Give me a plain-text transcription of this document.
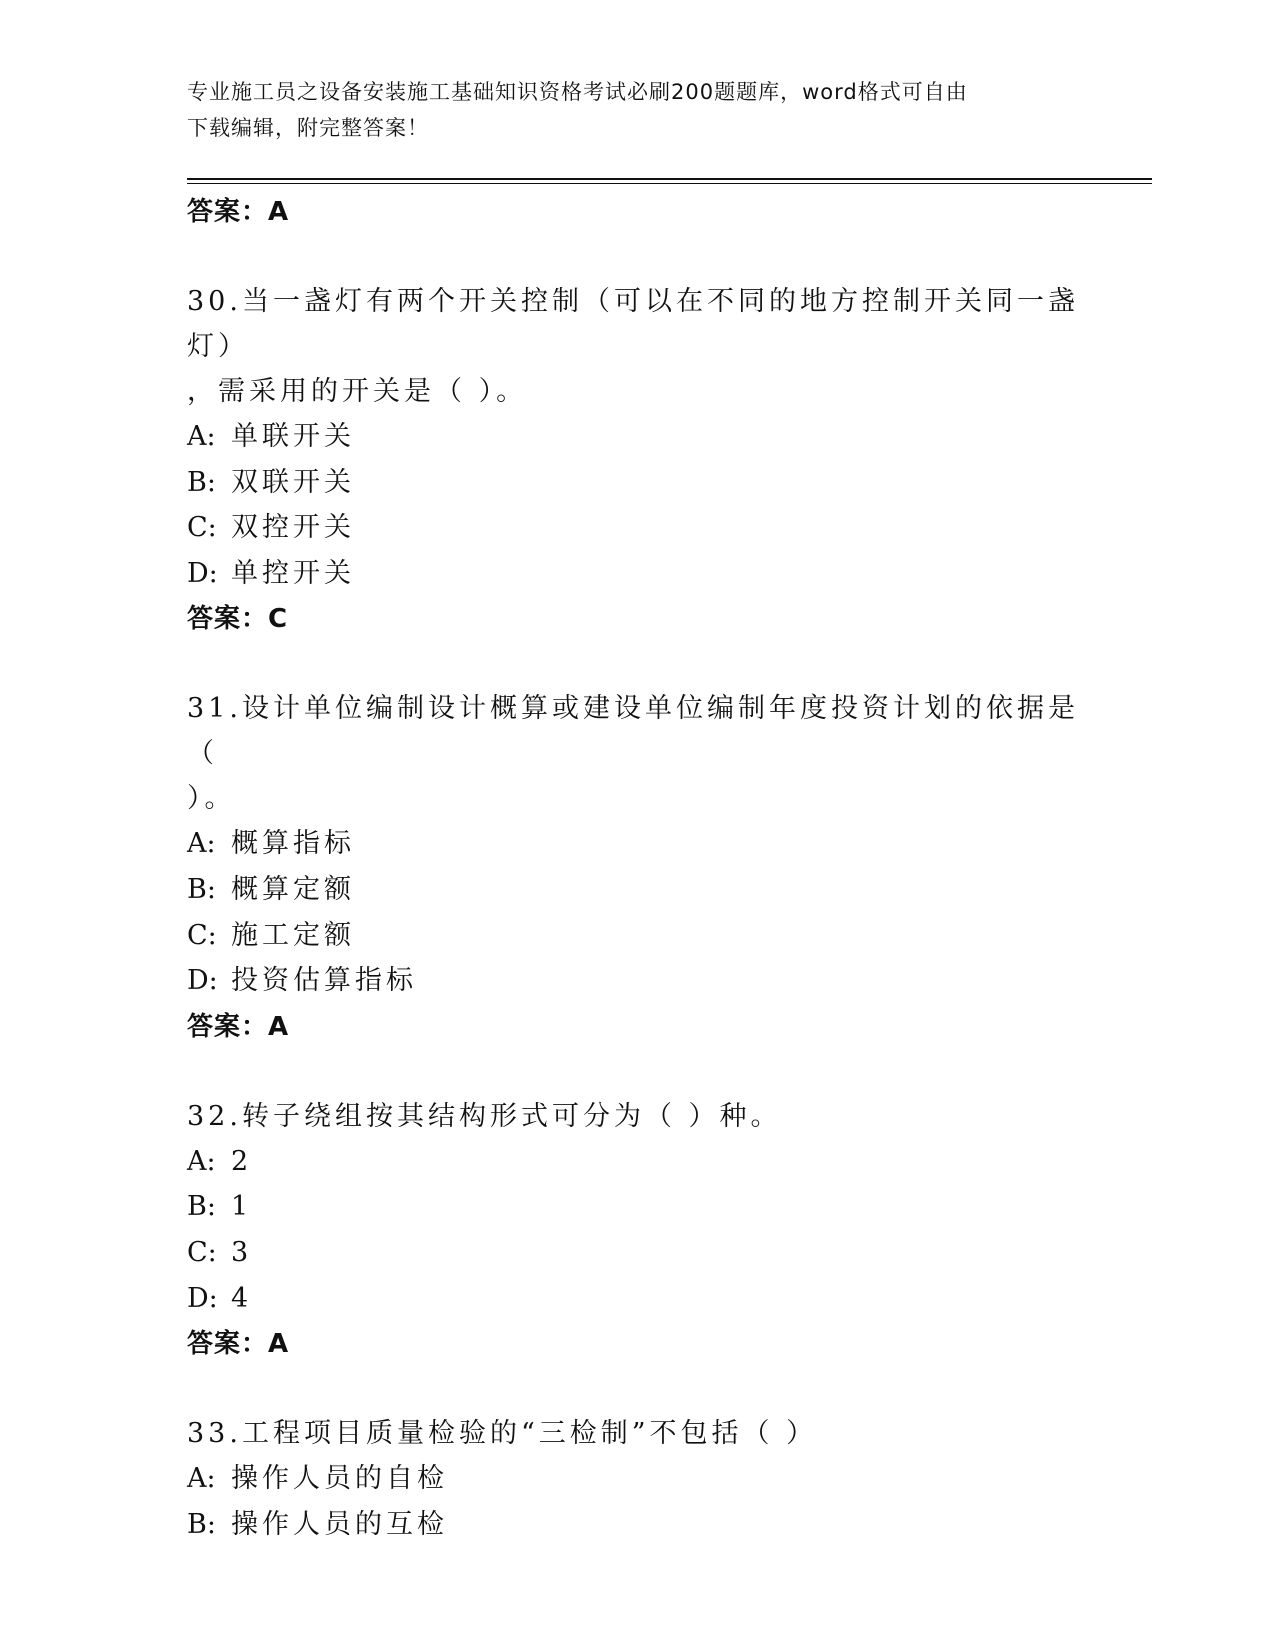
专业施工员之设备安装施工基础知识资格考试必刷200题题库，word格式可自由
下载编辑，附完整答案！
答案：A
30.当一盏灯有两个开关控制（可以在不同的地方控制开关同一盏灯）
，需采用的开关是（ ）。
A: 单联开关
B: 双联开关
C: 双控开关
D: 单控开关
答案：C
31.设计单位编制设计概算或建设单位编制年度投资计划的依据是（
）。
A: 概算指标
B: 概算定额
C: 施工定额
D: 投资估算指标
答案：A
32.转子绕组按其结构形式可分为（ ）种。
A: 2
B: 1
C: 3
D: 4
答案：A
33.工程项目质量检验的“三检制”不包括（ ）
A: 操作人员的自检
B: 操作人员的互检
